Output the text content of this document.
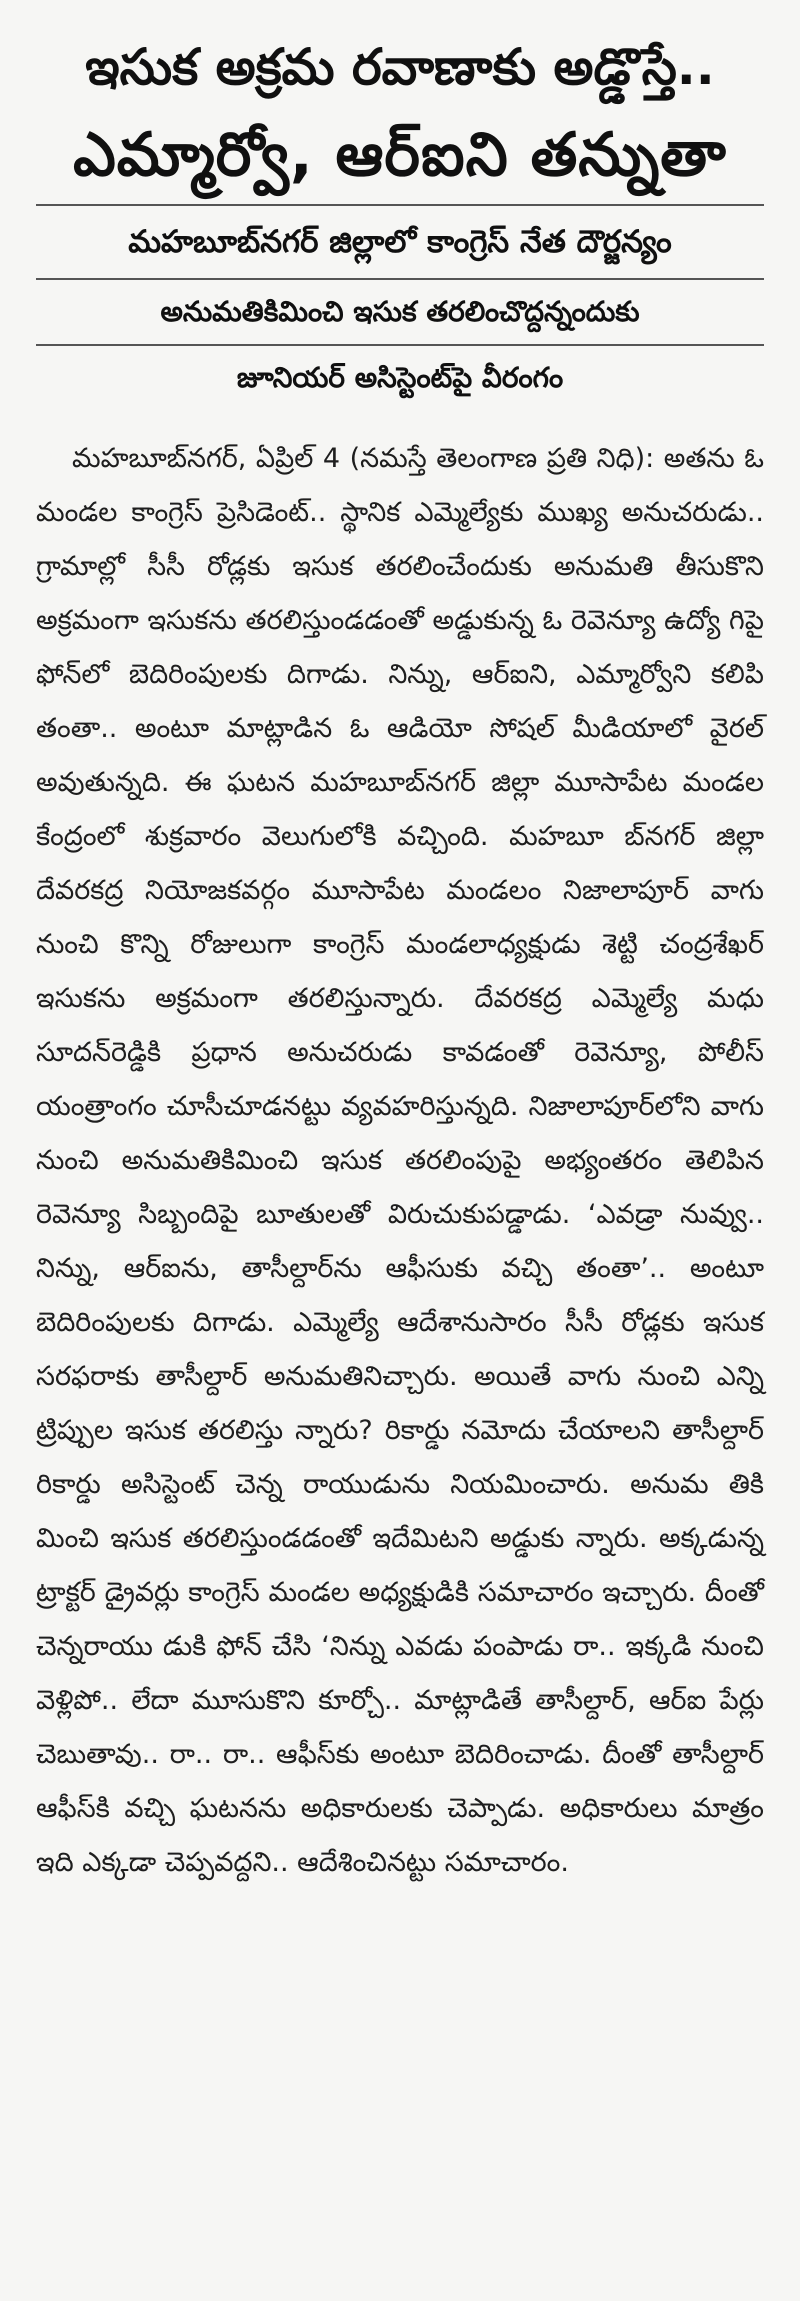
ఇసుక అక్రమ రవాణాకు అడ్డొస్తే..
ఎమ్మార్వో, ఆర్‌ఐని తన్నుతా
మహబూబ్‌నగర్ జిల్లాలో కాంగ్రెస్ నేత దౌర్జన్యం
అనుమతికిమించి ఇసుక తరలించొద్దన్నందుకు
జూనియర్ అసిస్టెంట్‌పై వీరంగం

మహబూబ్‌నగర్, ఏప్రిల్ 4 (నమస్తే తెలంగాణ ప్రతి నిధి): అతను ఓ మండల కాంగ్రెస్ ప్రెసిడెంట్.. స్థానిక ఎమ్మెల్యేకు ముఖ్య అనుచరుడు.. గ్రామాల్లో సీసీ రోడ్లకు ఇసుక తరలించేందుకు అనుమతి తీసుకొని అక్రమంగా ఇసుకను తరలిస్తుండడంతో అడ్డుకున్న ఓ రెవెన్యూ ఉద్యో గిపై ఫోన్‌లో బెదిరింపులకు దిగాడు. నిన్ను, ఆర్‌ఐని, ఎమ్మార్వోని కలిపి తంతా.. అంటూ మాట్లాడిన ఓ ఆడియో సోషల్ మీడియాలో వైరల్ అవుతున్నది. ఈ ఘటన మహబూబ్‌నగర్ జిల్లా మూసాపేట మండల కేంద్రంలో శుక్రవారం వెలుగులోకి వచ్చింది. మహబూ బ్‌నగర్ జిల్లా దేవరకద్ర నియోజకవర్గం మూసాపేట మండలం నిజాలాపూర్ వాగు నుంచి కొన్ని రోజులుగా కాంగ్రెస్ మండలాధ్యక్షుడు శెట్టి చంద్రశేఖర్ ఇసుకను అక్రమంగా తరలిస్తున్నారు. దేవరకద్ర ఎమ్మెల్యే మధు సూదన్‌రెడ్డికి ప్రధాన అనుచరుడు కావడంతో రెవెన్యూ, పోలీస్ యంత్రాంగం చూసీచూడనట్టు వ్యవహరిస్తున్నది. నిజాలాపూర్‌లోని వాగు నుంచి అనుమతికిమించి ఇసుక తరలింపుపై అభ్యంతరం తెలిపిన రెవెన్యూ సిబ్బందిపై బూతులతో విరుచుకుపడ్డాడు. ‘ఎవడ్రా నువ్వు.. నిన్ను, ఆర్‌ఐను, తాసీల్దార్‌ను ఆఫీసుకు వచ్చి తంతా’.. అంటూ బెదిరింపులకు దిగాడు. ఎమ్మెల్యే ఆదేశానుసారం సీసీ రోడ్లకు ఇసుక సరఫరాకు తాసీల్దార్ అనుమతినిచ్చారు. అయితే వాగు నుంచి ఎన్ని ట్రిప్పుల ఇసుక తరలిస్తు న్నారు? రికార్డు నమోదు చేయాలని తాసీల్దార్ రికార్డు అసిస్టెంట్ చెన్న రాయుడును నియమించారు. అనుమ తికి మించి ఇసుక తరలిస్తుండడంతో ఇదేమిటని అడ్డుకు న్నారు. అక్కడున్న ట్రాక్టర్ డ్రైవర్లు కాంగ్రెస్ మండల అధ్యక్షుడికి సమాచారం ఇచ్చారు. దీంతో చెన్నరాయు డుకి ఫోన్ చేసి ‘నిన్ను ఎవడు పంపాడు రా.. ఇక్కడి నుంచి వెళ్లిపో.. లేదా మూసుకొని కూర్చో.. మాట్లాడితే తాసీల్దార్, ఆర్‌ఐ పేర్లు చెబుతావు.. రా.. రా.. ఆఫీస్‌కు అంటూ బెదిరించాడు. దీంతో తాసీల్దార్ ఆఫీస్‌కి వచ్చి ఘటనను అధికారులకు చెప్పాడు. అధికారులు మాత్రం ఇది ఎక్కడా చెప్పవద్దని.. ఆదేశించినట్టు సమాచారం.
